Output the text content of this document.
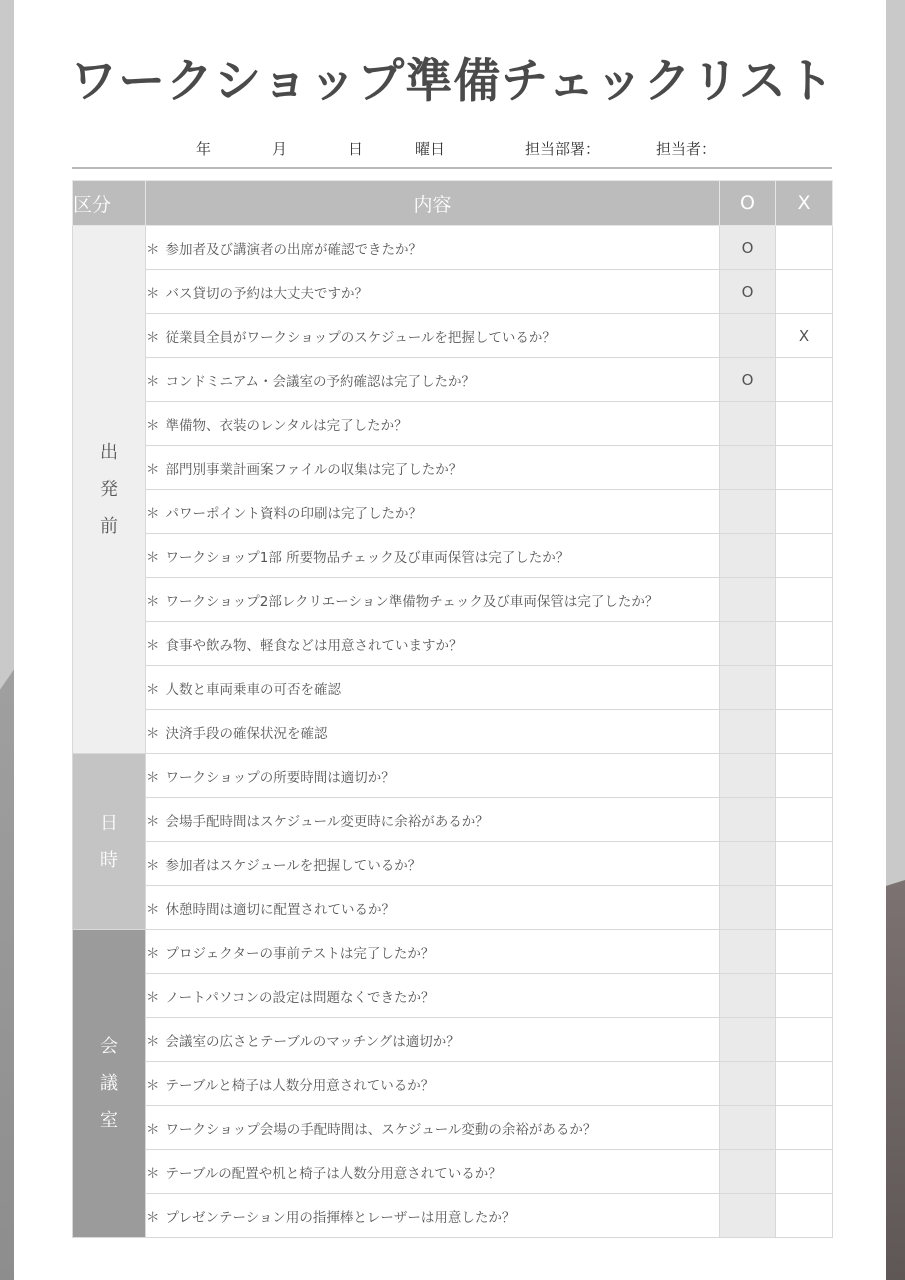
ワークショップ準備チェックリスト
年	月	日	曜日	担当部署：	担当者：
区分	内容	O	X
出
発
前	＊ 参加者及び講演者の出席が確認できたか？	O	
	＊ バス貸切の予約は大丈夫ですか？	O	
	＊ 従業員全員がワークショップのスケジュールを把握しているか？		X
	＊ コンドミニアム・会議室の予約確認は完了したか？	O	
	＊ 準備物、衣装のレンタルは完了したか？		
	＊ 部門別事業計画案ファイルの収集は完了したか？		
	＊ パワーポイント資料の印刷は完了したか？		
	＊ ワークショップ1部 所要物品チェック及び車両保管は完了したか？		
	＊ ワークショップ2部レクリエーション準備物チェック及び車両保管は完了したか？		
	＊ 食事や飲み物、軽食などは用意されていますか？		
	＊ 人数と車両乗車の可否を確認		
	＊ 決済手段の確保状況を確認		
日
時	＊ ワークショップの所要時間は適切か？		
	＊ 会場手配時間はスケジュール変更時に余裕があるか？		
	＊ 参加者はスケジュールを把握しているか？		
	＊ 休憩時間は適切に配置されているか？		
会
議
室	＊ プロジェクターの事前テストは完了したか？		
	＊ ノートパソコンの設定は問題なくできたか？		
	＊ 会議室の広さとテーブルのマッチングは適切か？		
	＊ テーブルと椅子は人数分用意されているか？		
	＊ ワークショップ会場の手配時間は、スケジュール変動の余裕があるか？		
	＊ テーブルの配置や机と椅子は人数分用意されているか？		
	＊ プレゼンテーション用の指揮棒とレーザーは用意したか？		
